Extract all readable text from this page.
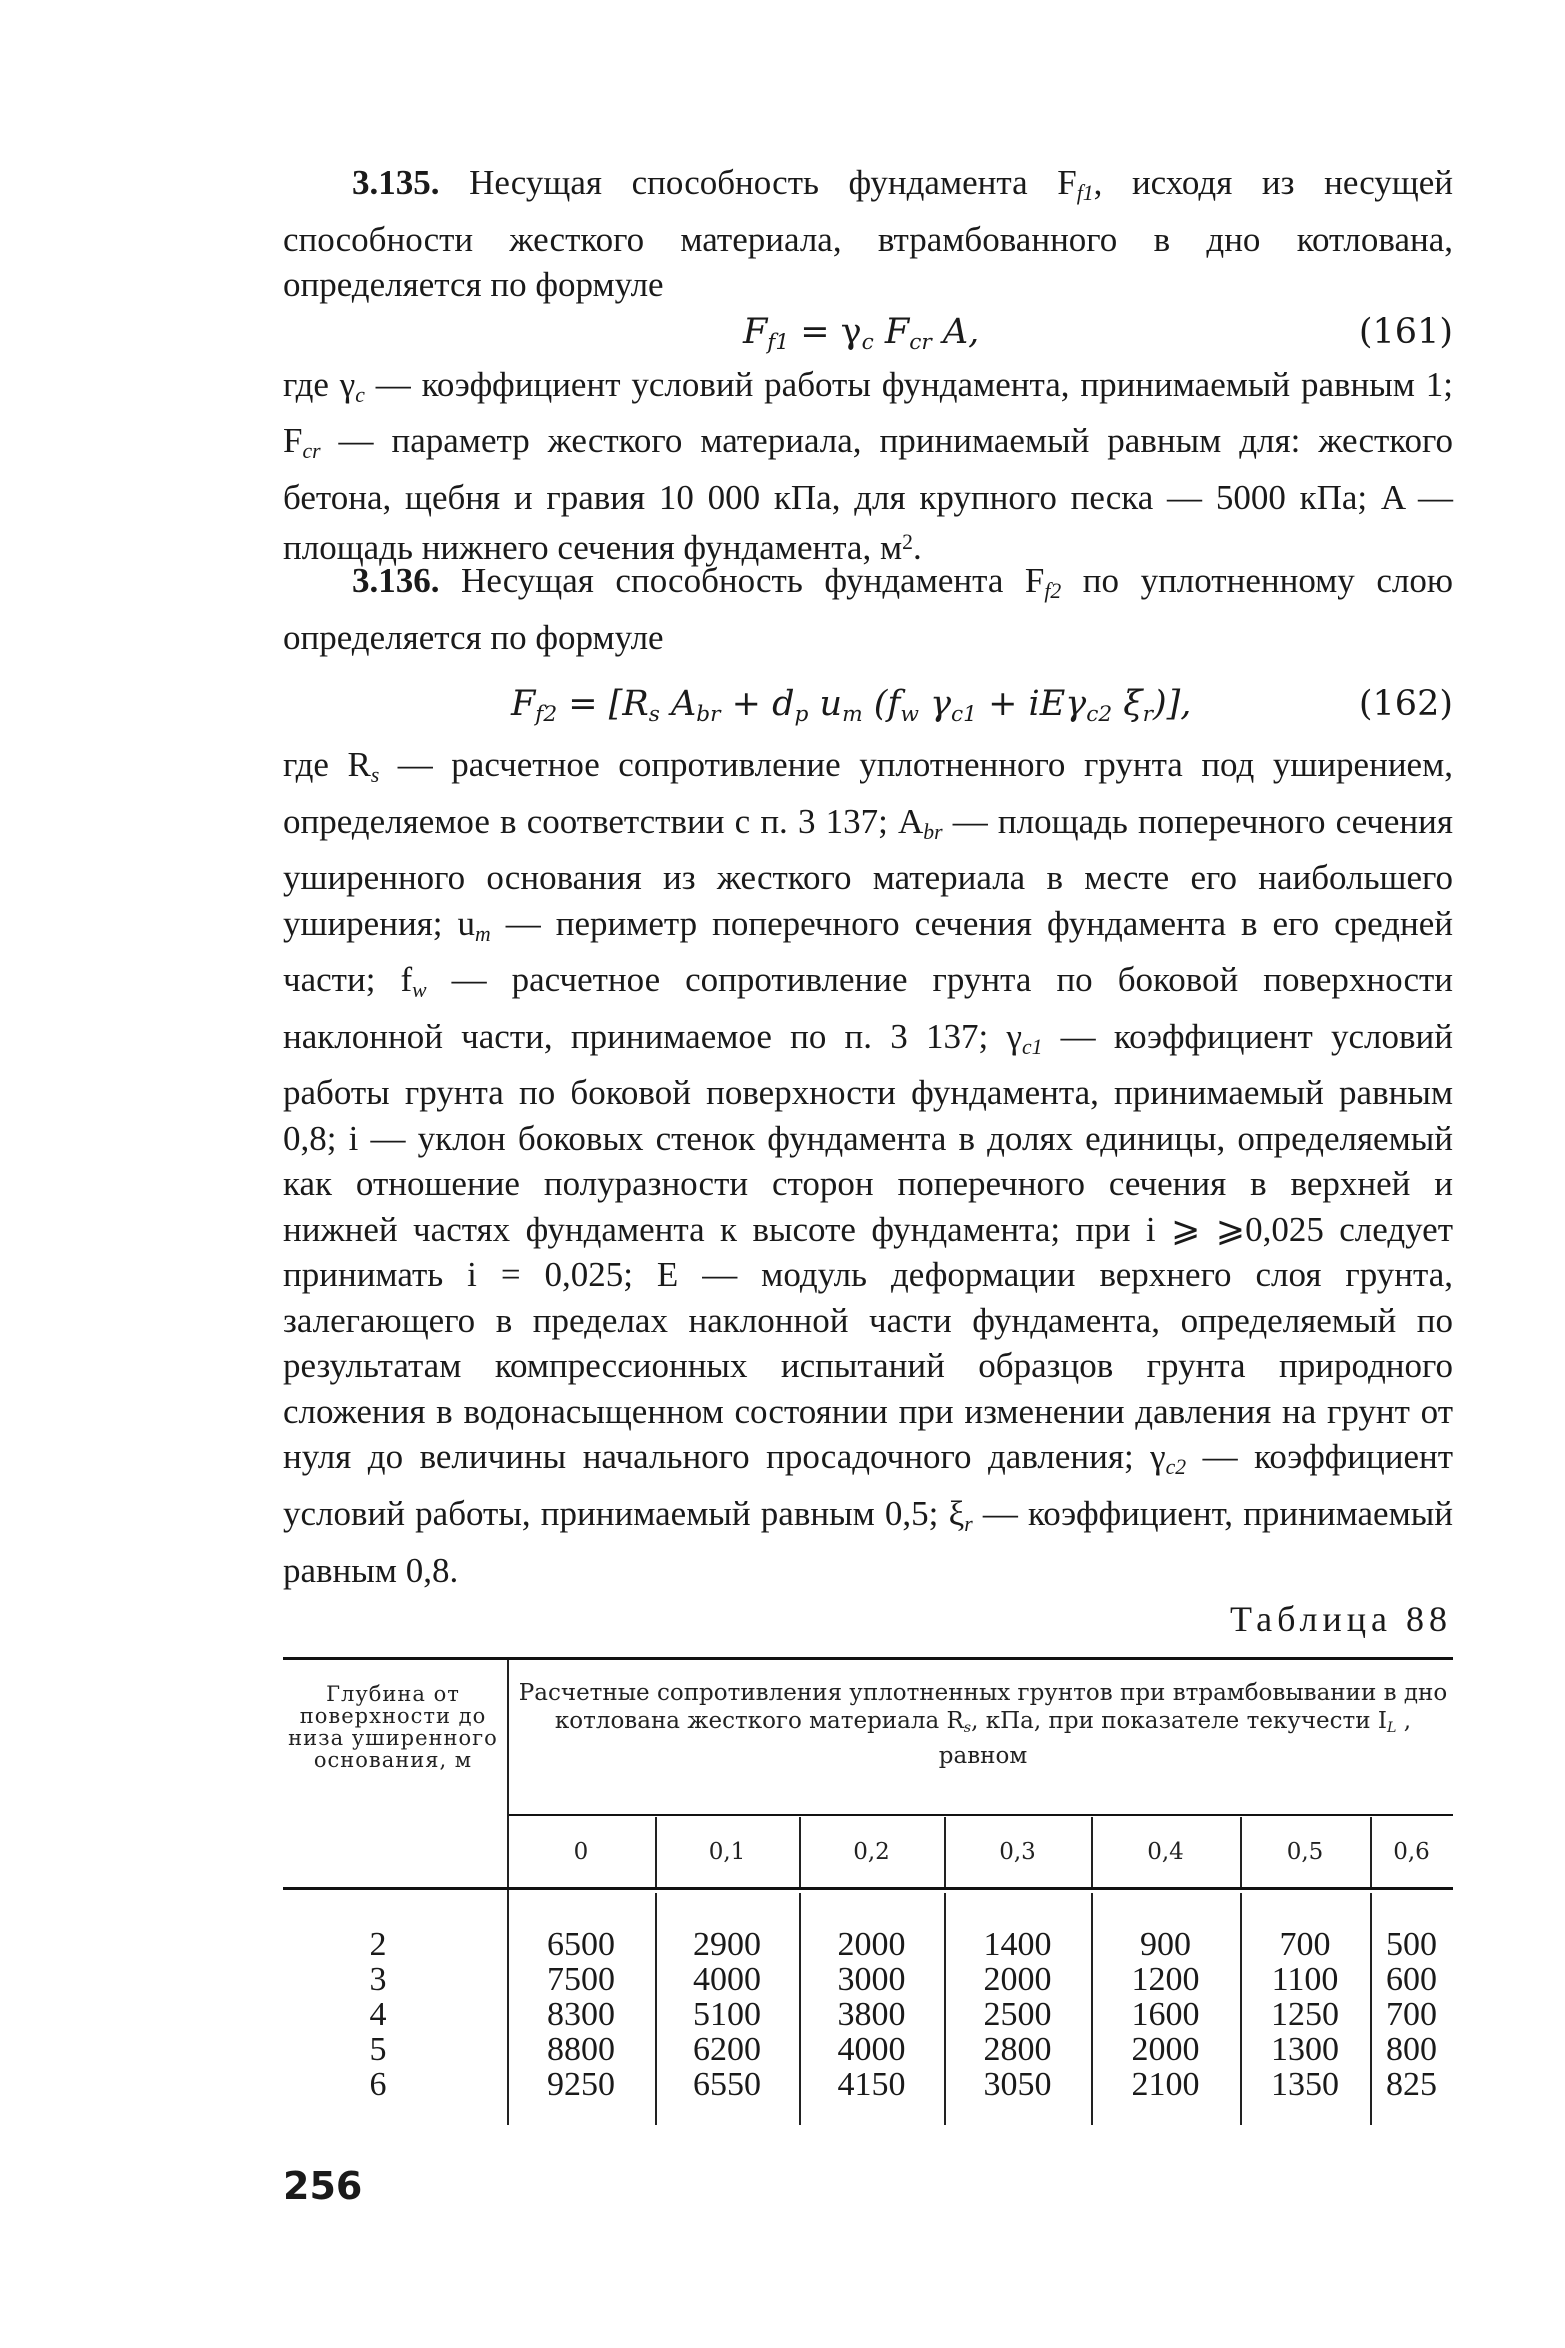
3.135. Несущая способность фундамента $F_{f1}$, исходя из несущей способности жесткого материала, втрамбованного в дно котлована, определяется по формуле

Ff1 = γc Fcr A,	(161)

где $\gamma_c$ — коэффициент условий работы фундамента, принимаемый равным 1; $F_{cr}$ — параметр жесткого материала, принимаемый равным для: жесткого бетона, щебня и гравия 10 000 кПа, для крупного песка — 5000 кПа; A — площадь нижнего сечения фундамента, $м^2$.

3.136. Несущая способность фундамента $F_{f2}$ по уплотненному слою определяется по формуле

Ff2 = [Rs Abr + dp um (fw γc1 + iEγc2 ξr)],	(162)

где $R_s$ — расчетное сопротивление уплотненного грунта под уширением, определяемое в соответствии с п. 3 137; $A_{br}$ — площадь поперечного сечения уширенного основания из жесткого материала в месте его наибольшего уширения; $u_m$ — периметр поперечного сечения фундамента в его средней части; $f_w$ — расчетное сопротивление грунта по боковой поверхности наклонной части, принимаемое по п. 3 137; $\gamma_{c1}$ — коэффициент условий работы грунта по боковой поверхности фундамента, принимаемый равным 0,8; i — уклон боковых стенок фундамента в долях единицы, определяемый как отношение полуразности сторон поперечного сечения в верхней и нижней частях фундамента к высоте фундамента; при i ⩾ ⩾0,025 следует принимать i = 0,025; E — модуль деформации верхнего слоя грунта, залегающего в пределах наклонной части фундамента, определяемый по результатам компрессионных испытаний образцов грунта природного сложения в водонасыщенном состоянии при изменении давления на грунт от нуля до величины начального просадочного давления; $\gamma_{c2}$ — коэффициент условий работы, принимаемый равным 0,5; $\xi_r$ — коэффициент, принимаемый равным 0,8.

Таблица 88
Глубина от поверхности до низа уширенного основания, м
Расчетные сопротивления уплотненных грунтов при втрамбовывании в дно котлована жесткого материала $R_s$, кПа, при показателе текучести $I_L$ , равном
0	0,1	0,2	0,3	0,4	0,5	0,6
2	6500	2900	2000	1400	900	700	500
3	7500	4000	3000	2000	1200	1100	600
4	8300	5100	3800	2500	1600	1250	700
5	8800	6200	4000	2800	2000	1300	800
6	9250	6550	4150	3050	2100	1350	825
256
